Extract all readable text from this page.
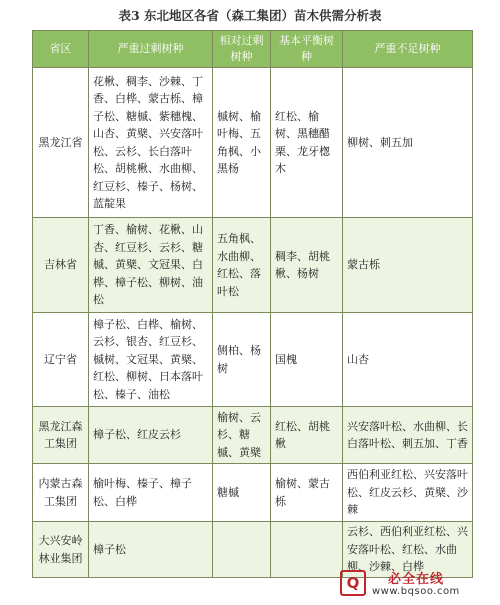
表3 东北地区各省（森工集团）苗木供需分析表
省区	严重过剩树种	相对过剩树种	基本平衡树种	严重不足树种
黑龙江省	花楸、稠李、沙棘、丁香、白桦、蒙古栎、樟子松、糖槭、紫穗槐、山杏、黄檗、兴安落叶松、云杉、长白落叶松、胡桃楸、水曲柳、红豆杉、榛子、杨树、蓝靛果	槭树、榆叶梅、五角枫、小黑杨	红松、榆树、黑穗醋栗、龙牙楤木	柳树、刺五加
吉林省	丁香、榆树、花楸、山杏、红豆杉、云杉、糖槭、黄檗、文冠果、白桦、樟子松、柳树、油松	五角枫、水曲柳、红松、落叶松	稠李、胡桃楸、杨树	蒙古栎
辽宁省	樟子松、白桦、榆树、云杉、银杏、红豆杉、槭树、文冠果、黄檗、红松、柳树、日本落叶松、榛子、油松	侧柏、杨树	国槐	山杏
黑龙江森工集团	樟子松、红皮云杉	榆树、云杉、糖槭、黄檗	红松、胡桃楸	兴安落叶松、水曲柳、长白落叶松、刺五加、丁香
内蒙古森工集团	榆叶梅、榛子、樟子松、白桦	糖槭	榆树、蒙古栎	西伯利亚红松、兴安落叶松、红皮云杉、黄檗、沙棘
大兴安岭林业集团	樟子松			云杉、西伯利亚红松、兴安落叶松、红松、水曲柳、沙棘、白桦
Q	必全在线
www.bqsoo.com
